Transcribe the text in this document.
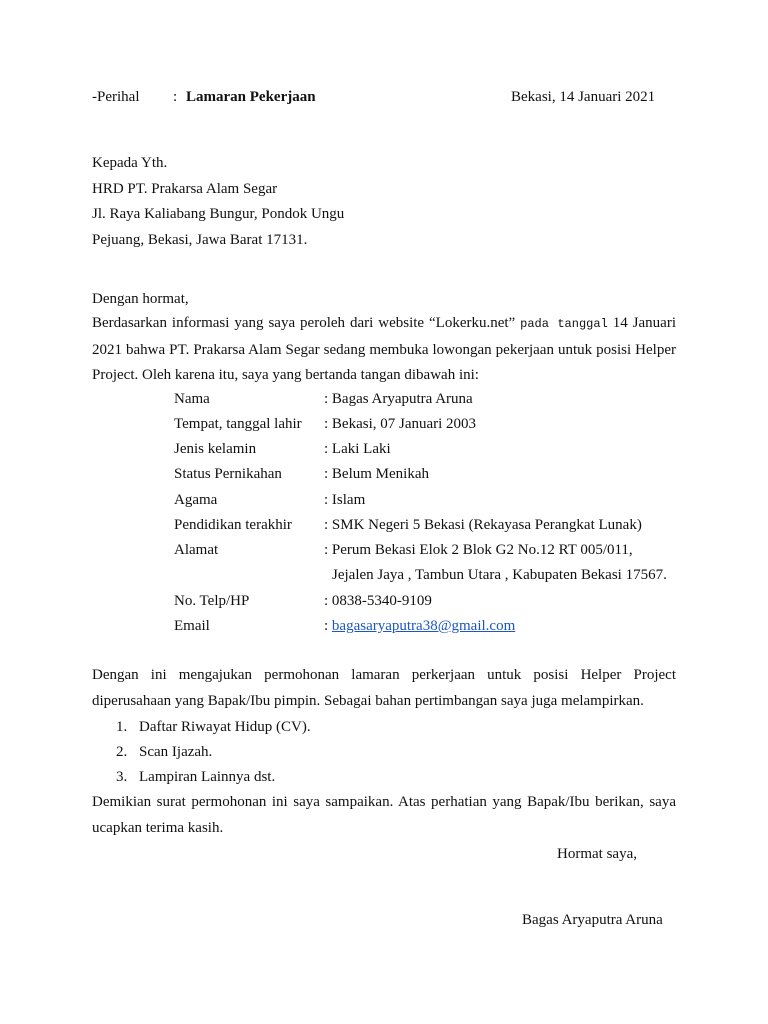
-Perihal : Lamaran Pekerjaan	Bekasi, 14 Januari 2021
Kepada Yth.
HRD PT. Prakarsa Alam Segar
Jl. Raya Kaliabang Bungur, Pondok Ungu
Pejuang, Bekasi, Jawa Barat 17131.
Dengan hormat,
Berdasarkan informasi yang saya peroleh dari website “Lokerku.net” pada tanggal 14 Januari 2021 bahwa PT. Prakarsa Alam Segar sedang membuka lowongan pekerjaan untuk posisi Helper Project. Oleh karena itu, saya yang bertanda tangan dibawah ini:
Nama	: Bagas Aryaputra Aruna
Tempat, tanggal lahir : Bekasi, 07 Januari 2003
Jenis kelamin	: Laki Laki
Status Pernikahan	: Belum Menikah
Agama	: Islam
Pendidikan terakhir : SMK Negeri 5 Bekasi (Rekayasa Perangkat Lunak)
Alamat	: Perum Bekasi Elok 2 Blok G2 No.12 RT 005/011,
Jejalen Jaya , Tambun Utara , Kabupaten Bekasi 17567.
No. Telp/HP	: 0838-5340-9109
Email	: bagasaryaputra38@gmail.com
Dengan ini mengajukan permohonan lamaran perkerjaan untuk posisi Helper Project diperusahaan yang Bapak/Ibu pimpin. Sebagai bahan pertimbangan saya juga melampirkan.
1. Daftar Riwayat Hidup (CV).
2. Scan Ijazah.
3. Lampiran Lainnya dst.
Demikian surat permohonan ini saya sampaikan. Atas perhatian yang Bapak/Ibu berikan, saya ucapkan terima kasih.
Hormat saya,
Bagas Aryaputra Aruna
